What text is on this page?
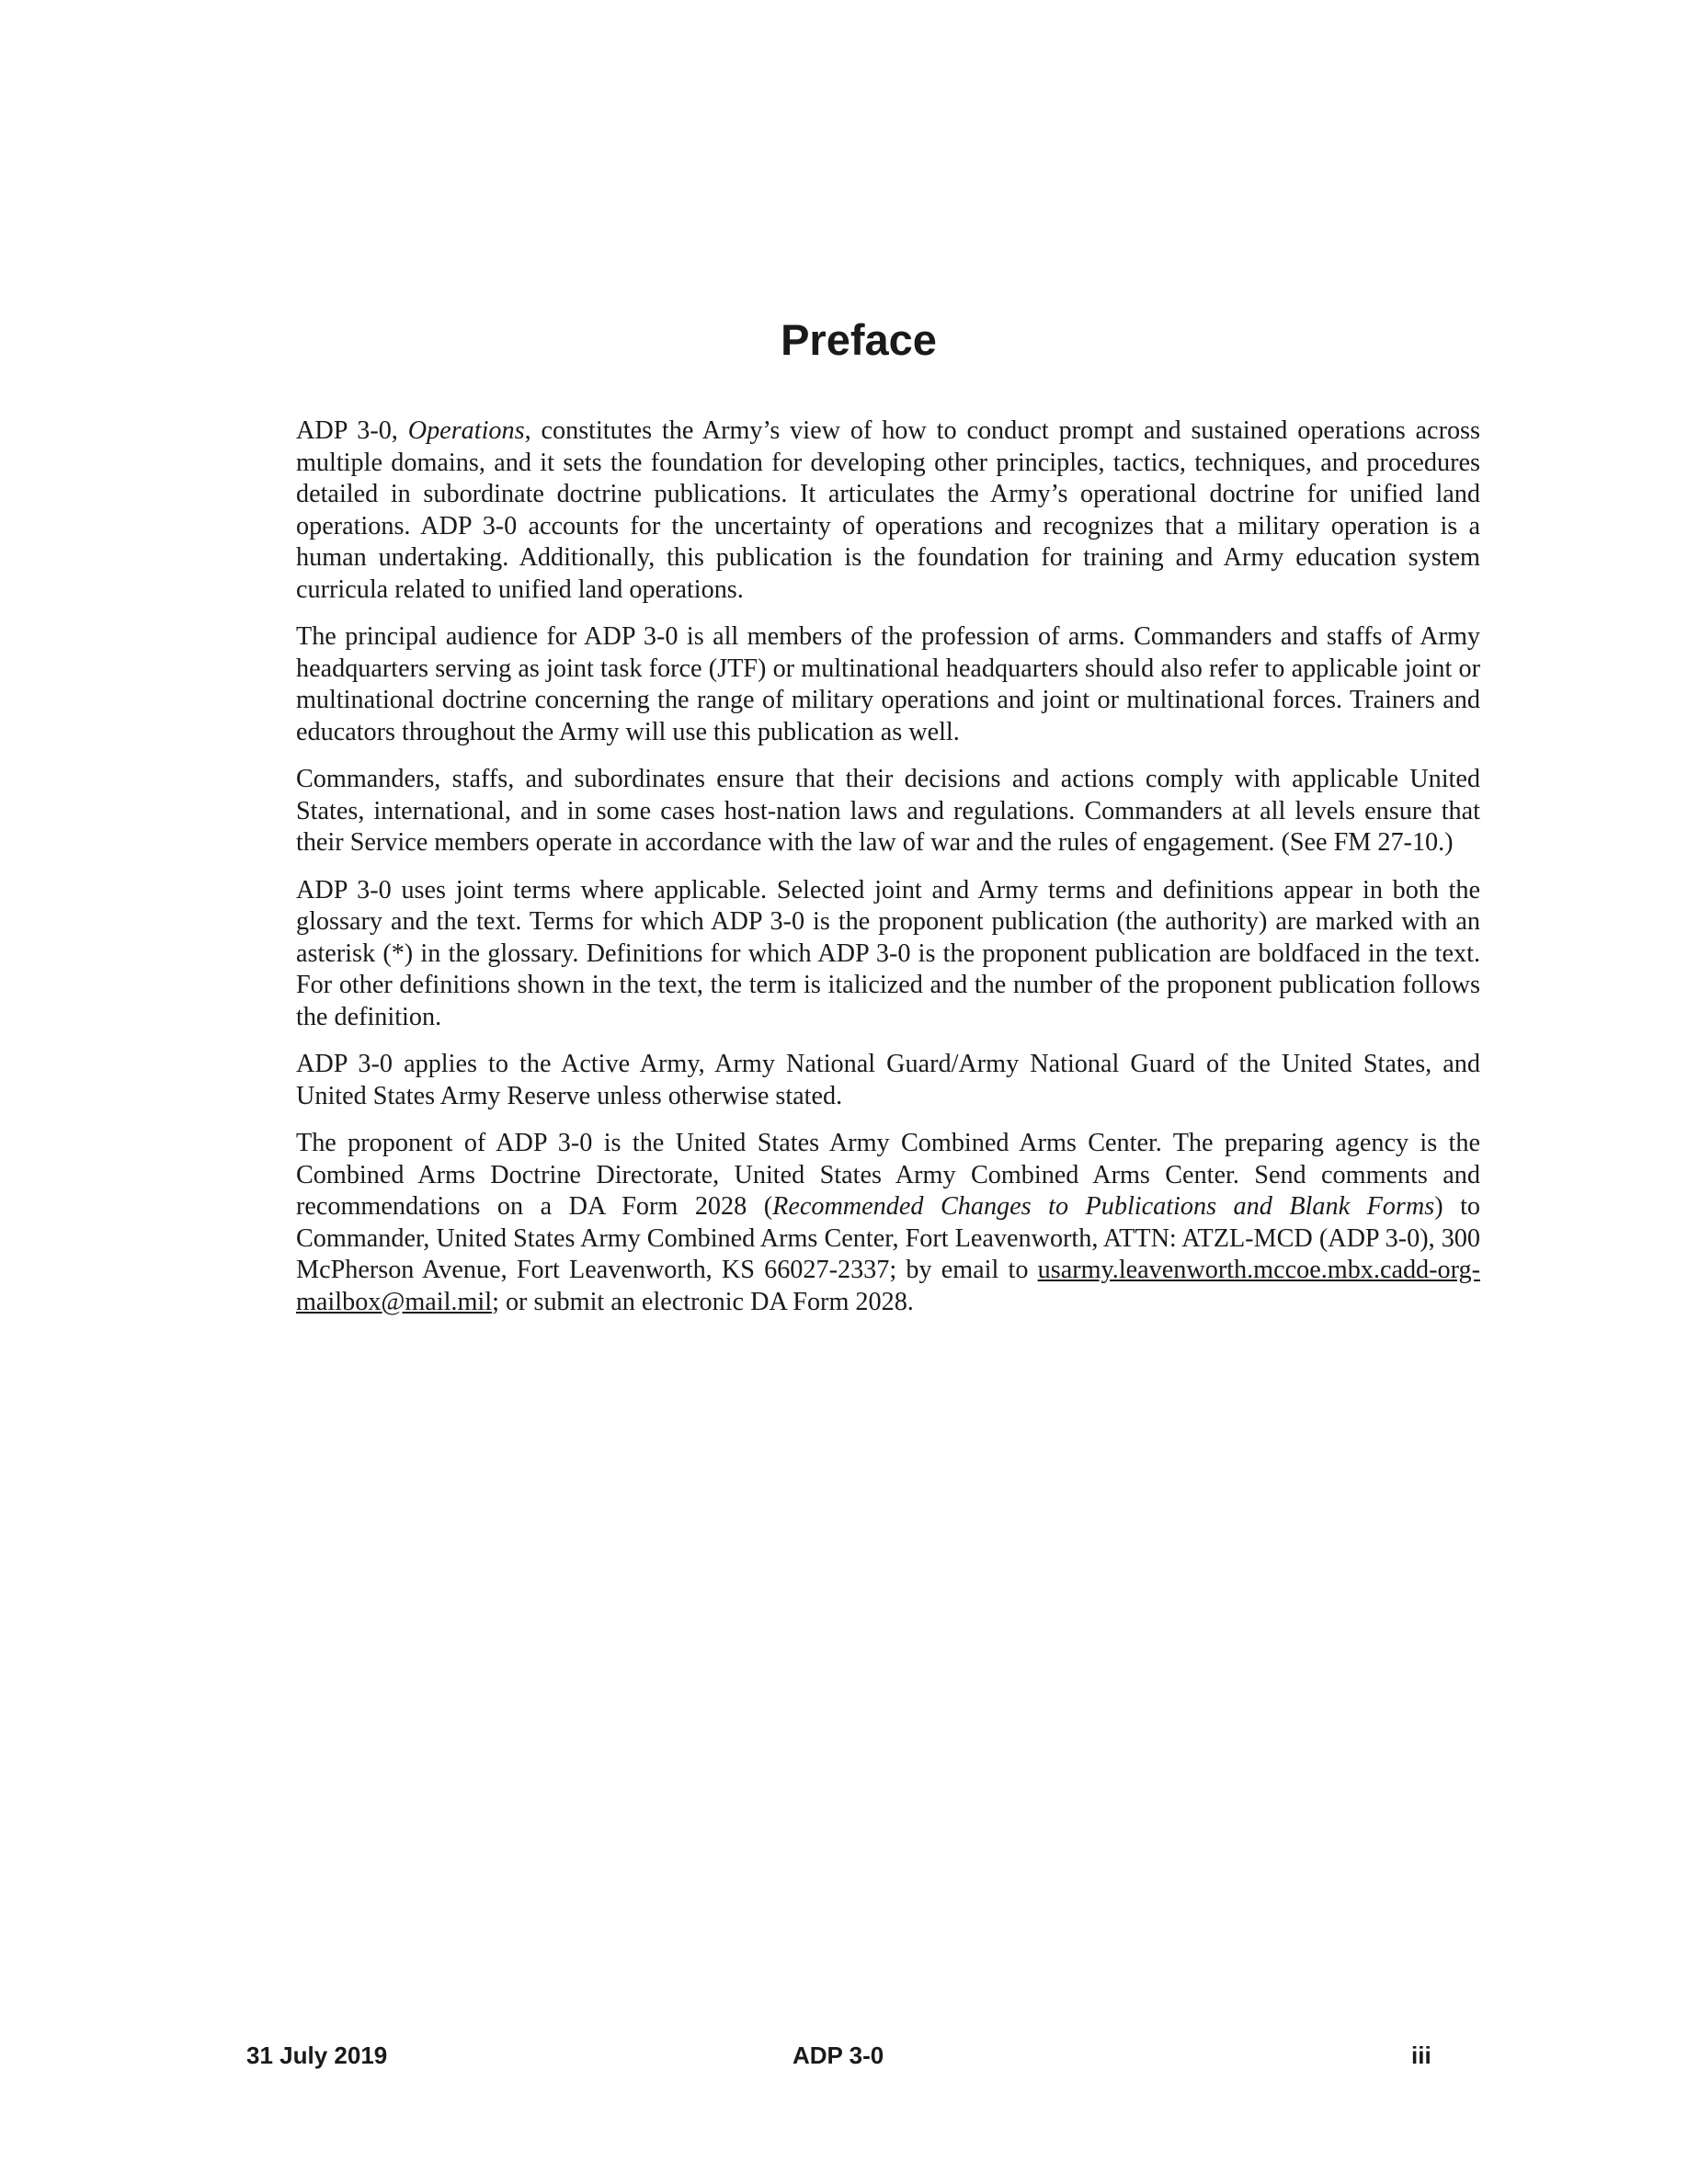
Preface

ADP 3-0, Operations, constitutes the Army’s view of how to conduct prompt and sustained operations across multiple domains, and it sets the foundation for developing other principles, tactics, techniques, and procedures detailed in subordinate doctrine publications. It articulates the Army’s operational doctrine for unified land operations. ADP 3-0 accounts for the uncertainty of operations and recognizes that a military operation is a human undertaking. Additionally, this publication is the foundation for training and Army education system curricula related to unified land operations.

The principal audience for ADP 3-0 is all members of the profession of arms. Commanders and staffs of Army headquarters serving as joint task force (JTF) or multinational headquarters should also refer to applicable joint or multinational doctrine concerning the range of military operations and joint or multinational forces. Trainers and educators throughout the Army will use this publication as well.

Commanders, staffs, and subordinates ensure that their decisions and actions comply with applicable United States, international, and in some cases host-nation laws and regulations. Commanders at all levels ensure that their Service members operate in accordance with the law of war and the rules of engagement. (See FM 27-10.)

ADP 3-0 uses joint terms where applicable. Selected joint and Army terms and definitions appear in both the glossary and the text. Terms for which ADP 3-0 is the proponent publication (the authority) are marked with an asterisk (*) in the glossary. Definitions for which ADP 3-0 is the proponent publication are boldfaced in the text. For other definitions shown in the text, the term is italicized and the number of the proponent publication follows the definition.

ADP 3-0 applies to the Active Army, Army National Guard/Army National Guard of the United States, and United States Army Reserve unless otherwise stated.

The proponent of ADP 3-0 is the United States Army Combined Arms Center. The preparing agency is the Combined Arms Doctrine Directorate, United States Army Combined Arms Center. Send comments and recommendations on a DA Form 2028 (Recommended Changes to Publications and Blank Forms) to Commander, United States Army Combined Arms Center, Fort Leavenworth, ATTN: ATZL-MCD (ADP 3-0), 300 McPherson Avenue, Fort Leavenworth, KS 66027-2337; by email to usarmy.leavenworth.mccoe.mbx.cadd-org-mailbox@mail.mil; or submit an electronic DA Form 2028.

31 July 2019	ADP 3-0	iii
